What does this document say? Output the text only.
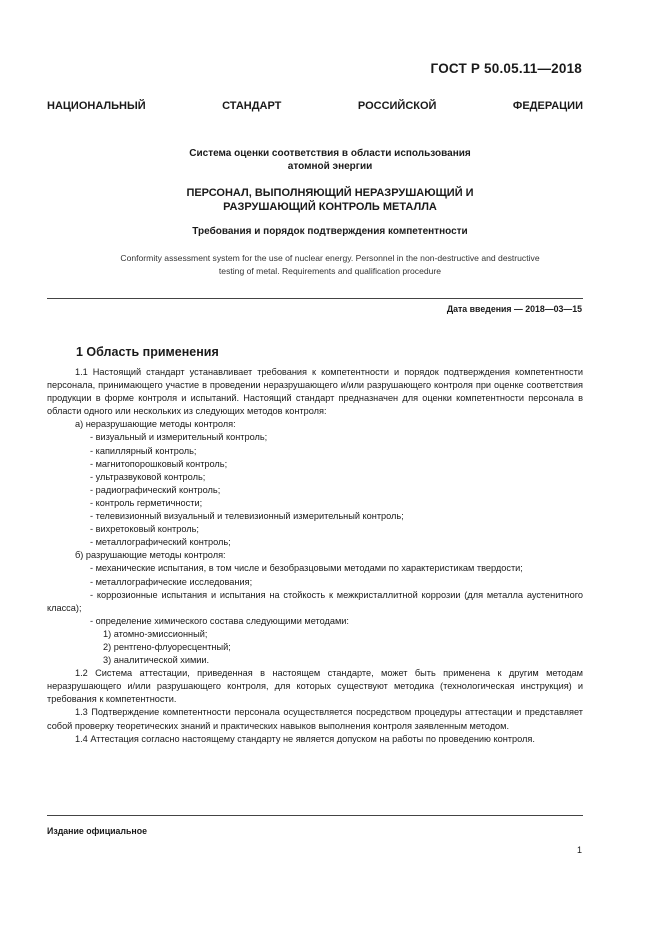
ГОСТ Р 50.05.11—2018
НАЦИОНАЛЬНЫЙ СТАНДАРТ РОССИЙСКОЙ ФЕДЕРАЦИИ
Система оценки соответствия в области использования
атомной энергии
ПЕРСОНАЛ, ВЫПОЛНЯЮЩИЙ НЕРАЗРУШАЮЩИЙ И
РАЗРУШАЮЩИЙ КОНТРОЛЬ МЕТАЛЛА
Требования и порядок подтверждения компетентности
Conformity assessment system for the use of nuclear energy. Personnel in the non-destructive and destructive
testing of metal. Requirements and qualification procedure
Дата введения — 2018—03—15
1 Область применения

1.1 Настоящий стандарт устанавливает требования к компетентности и порядок подтверждения компетентности персонала, принимающего участие в проведении неразрушающего и/или разрушающего контроля при оценке соответствия продукции в форме контроля и испытаний. Настоящий стандарт предназначен для оценки компетентности персонала в области одного или нескольких из следующих методов контроля:

а) неразрушающие методы контроля:

- визуальный и измерительный контроль;

- капиллярный контроль;

- магнитопорошковый контроль;

- ультразвуковой контроль;

- радиографический контроль;

- контроль герметичности;

- телевизионный визуальный и телевизионный измерительный контроль;

- вихретоковый контроль;

- металлографический контроль;

б) разрушающие методы контроля:

- механические испытания, в том числе и безобразцовыми методами по характеристикам твердости;

- металлографические исследования;

- коррозионные испытания и испытания на стойкость к межкристаллитной коррозии (для металла аустенитного класса);

- определение химического состава следующими методами:

1) атомно-эмиссионный;

2) рентгено-флуоресцентный;

3) аналитической химии.

1.2 Система аттестации, приведенная в настоящем стандарте, может быть применена к другим методам неразрушающего и/или разрушающего контроля, для которых существуют методика (технологическая инструкция) и требования к компетентности.

1.3 Подтверждение компетентности персонала осуществляется посредством процедуры аттестации и представляет собой проверку теоретических знаний и практических навыков выполнения контроля заявленным методом.

1.4 Аттестация согласно настоящему стандарту не является допуском на работы по проведению контроля.

Издание официальное
1
